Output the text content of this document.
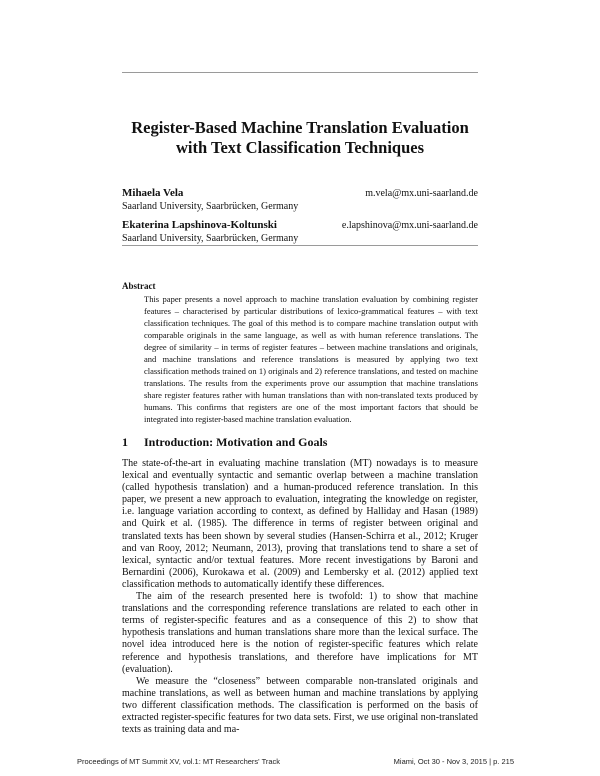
Register-Based Machine Translation Evaluation
with Text Classification Techniques
Mihaela Vela	m.vela@mx.uni-saarland.de
Saarland University, Saarbrücken, Germany
Ekaterina Lapshinova-Koltunski	e.lapshinova@mx.uni-saarland.de
Saarland University, Saarbrücken, Germany
Abstract
This paper presents a novel approach to machine translation evaluation by combining register features – characterised by particular distributions of lexico-grammatical features – with text classification techniques. The goal of this method is to compare machine translation output with comparable originals in the same language, as well as with human reference translations. The degree of similarity – in terms of register features – between machine translations and originals, and machine translations and reference translations is measured by applying two text classification methods trained on 1) originals and 2) reference translations, and tested on machine translations. The results from the experiments prove our assumption that machine translations share register features rather with human translations than with non-translated texts produced by humans. This confirms that registers are one of the most important factors that should be integrated into register-based machine translation evaluation.
1 Introduction: Motivation and Goals

The state-of-the-art in evaluating machine translation (MT) nowadays is to measure lexical and eventually syntactic and semantic overlap between a machine translation (called hypothesis translation) and a human-produced reference translation. In this paper, we present a new approach to evaluation, integrating the knowledge on register, i.e. language variation according to context, as defined by Halliday and Hasan (1989) and Quirk et al. (1985). The difference in terms of register between original and translated texts has been shown by several studies (Hansen-Schirra et al., 2012; Kruger and van Rooy, 2012; Neumann, 2013), proving that translations tend to share a set of lexical, syntactic and/or textual features. More recent investigations by Baroni and Bernardini (2006), Kurokawa et al. (2009) and Lembersky et al. (2012) applied text classification methods to automatically identify these differences.

The aim of the research presented here is twofold: 1) to show that machine translations and the corresponding reference translations are related to each other in terms of register-specific features and as a consequence of this 2) to show that hypothesis translations and human translations share more than the lexical surface. The novel idea introduced here is the notion of register-specific features which relate reference and hypothesis translations, and therefore have implications for MT (evaluation).

We measure the “closeness” between comparable non-translated originals and machine translations, as well as between human and machine translations by applying two different classification methods. The classification is performed on the basis of extracted register-specific features for two data sets. First, we use original non-translated texts as training data and ma-

Proceedings of MT Summit XV, vol.1: MT Researchers' Track	Miami, Oct 30 - Nov 3, 2015 | p. 215
